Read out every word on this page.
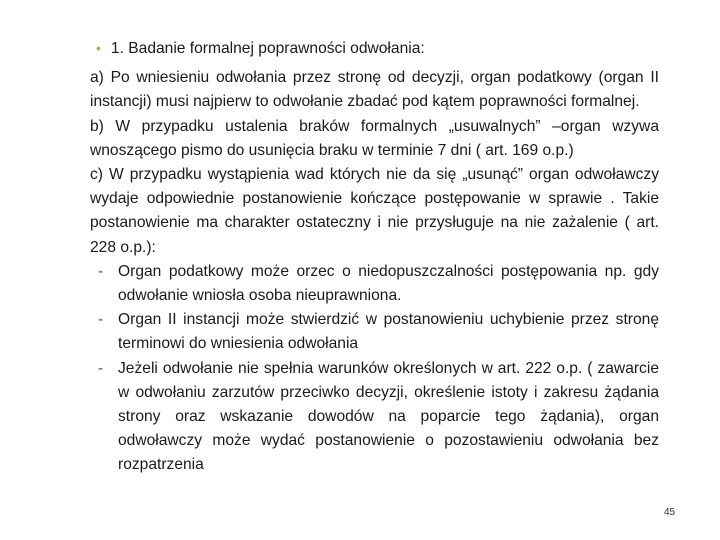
• 1. Badanie formalnej poprawności odwołania:
a) Po wniesieniu odwołania przez stronę od decyzji, organ podatkowy (organ II instancji) musi najpierw to odwołanie zbadać pod kątem poprawności formalnej.
b) W przypadku ustalenia braków formalnych „usuwalnych” –organ wzywa wnoszącego pismo do usunięcia braku w terminie 7 dni ( art. 169 o.p.)
c) W przypadku wystąpienia wad których nie da się „usunąć” organ odwoławczy wydaje odpowiednie postanowienie kończące postępowanie w sprawie . Takie postanowienie ma charakter ostateczny i nie przysługuje na nie zażalenie ( art. 228 o.p.):
- Organ podatkowy może orzec o niedopuszczalności postępowania np. gdy odwołanie wniosła osoba nieuprawniona.
- Organ II instancji może stwierdzić w postanowieniu uchybienie przez stronę terminowi do wniesienia odwołania
- Jeżeli odwołanie nie spełnia warunków określonych w art. 222 o.p. ( zawarcie w odwołaniu zarzutów przeciwko decyzji, określenie istoty i zakresu żądania strony oraz wskazanie dowodów na poparcie tego żądania), organ odwoławczy może wydać postanowienie o pozostawieniu odwołania bez rozpatrzenia
45
